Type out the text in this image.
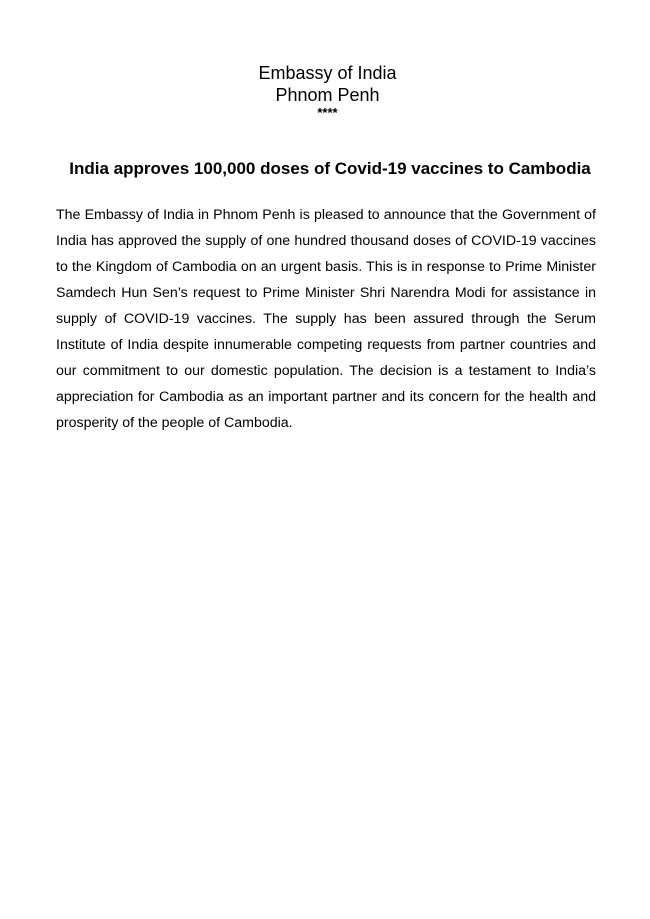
Embassy of India
Phnom Penh
****
India approves 100,000 doses of Covid-19 vaccines to Cambodia

The Embassy of India in Phnom Penh is pleased to announce that the Government of India has approved the supply of one hundred thousand doses of COVID-19 vaccines to the Kingdom of Cambodia on an urgent basis. This is in response to Prime Minister Samdech Hun Sen’s request to Prime Minister Shri Narendra Modi for assistance in supply of COVID-19 vaccines. The supply has been assured through the Serum Institute of India despite innumerable competing requests from partner countries and our commitment to our domestic population. The decision is a testament to India’s appreciation for Cambodia as an important partner and its concern for the health and prosperity of the people of Cambodia.
